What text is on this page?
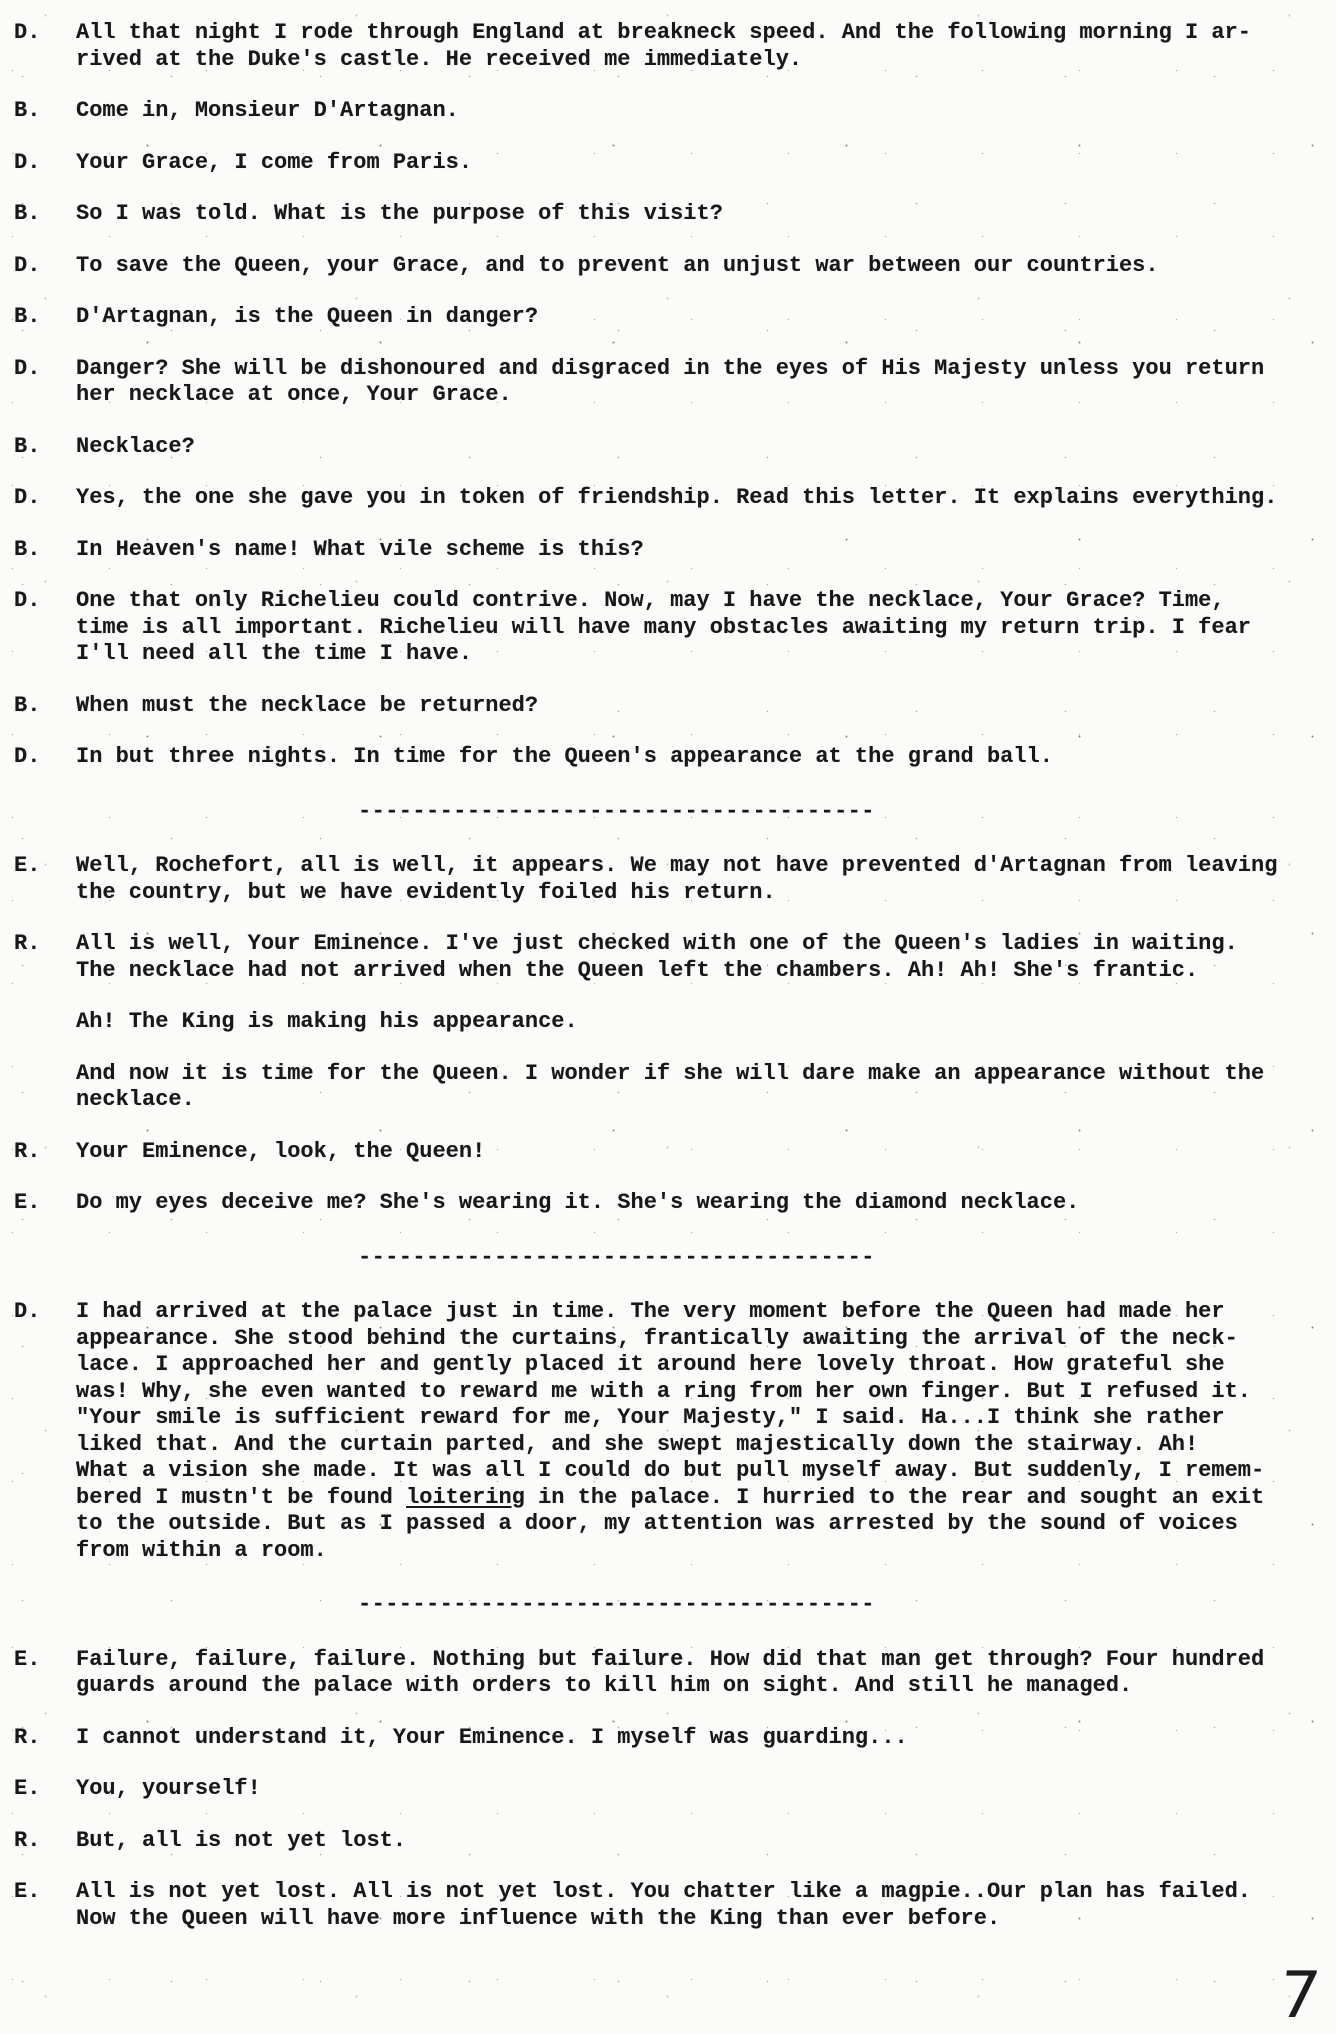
D.	All that night I rode through England at breakneck speed. And the following morning I ar-
rived at the Duke's castle. He received me immediately.
B.	Come in, Monsieur D'Artagnan.
D.	Your Grace, I come from Paris.
B.	So I was told. What is the purpose of this visit?
D.	To save the Queen, your Grace, and to prevent an unjust war between our countries.
B.	D'Artagnan, is the Queen in danger?
D.	Danger? She will be dishonoured and disgraced in the eyes of His Majesty unless you return
her necklace at once, Your Grace.
B.	Necklace?
D.	Yes, the one she gave you in token of friendship. Read this letter. It explains everything.
B.	In Heaven's name! What vile scheme is this?
D.	One that only Richelieu could contrive. Now, may I have the necklace, Your Grace? Time,
time is all important. Richelieu will have many obstacles awaiting my return trip. I fear
I'll need all the time I have.
B.	When must the necklace be returned?
D.	In but three nights. In time for the Queen's appearance at the grand ball.
--------------------------------------
E.	Well, Rochefort, all is well, it appears. We may not have prevented d'Artagnan from leaving
the country, but we have evidently foiled his return.
R.	All is well, Your Eminence. I've just checked with one of the Queen's ladies in waiting.
The necklace had not arrived when the Queen left the chambers. Ah! Ah! She's frantic.
Ah! The King is making his appearance.
And now it is time for the Queen. I wonder if she will dare make an appearance without the
necklace.
R.	Your Eminence, look, the Queen!
E.	Do my eyes deceive me? She's wearing it. She's wearing the diamond necklace.
--------------------------------------
D.	I had arrived at the palace just in time. The very moment before the Queen had made her
appearance. She stood behind the curtains, frantically awaiting the arrival of the neck-
lace. I approached her and gently placed it around here lovely throat. How grateful she
was! Why, she even wanted to reward me with a ring from her own finger. But I refused it.
"Your smile is sufficient reward for me, Your Majesty," I said. Ha...I think she rather
liked that. And the curtain parted, and she swept majestically down the stairway. Ah!
What a vision she made. It was all I could do but pull myself away. But suddenly, I remem-
bered I mustn't be found loitering in the palace. I hurried to the rear and sought an exit
to the outside. But as I passed a door, my attention was arrested by the sound of voices
from within a room.
--------------------------------------
E.	Failure, failure, failure. Nothing but failure. How did that man get through? Four hundred
guards around the palace with orders to kill him on sight. And still he managed.
R.	I cannot understand it, Your Eminence. I myself was guarding...
E.	You, yourself!
R.	But, all is not yet lost.
E.	All is not yet lost. All is not yet lost. You chatter like a magpie..Our plan has failed.
Now the Queen will have more influence with the King than ever before.
7
